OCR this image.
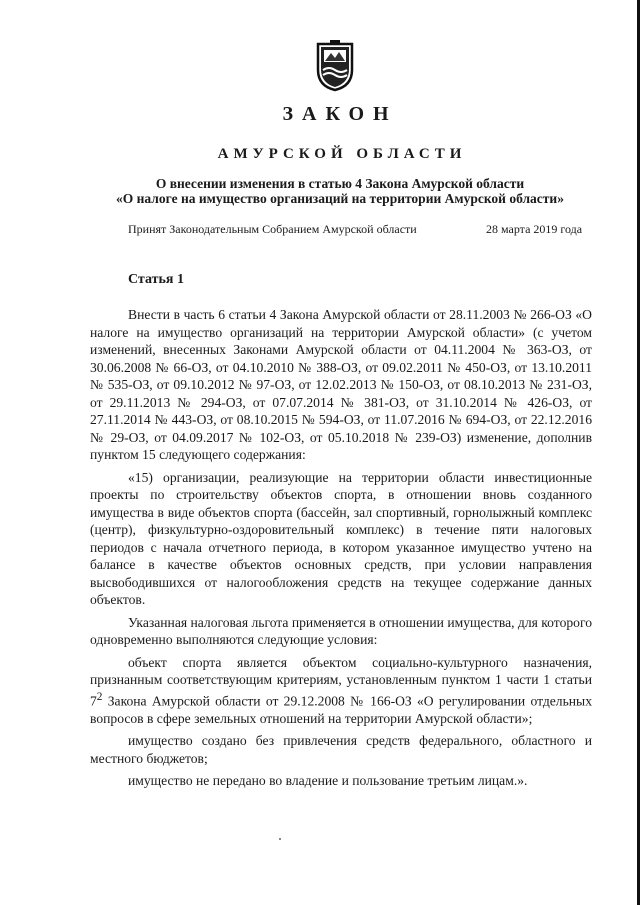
ЗАКОН
АМУРСКОЙ ОБЛАСТИ
О внесении изменения в статью 4 Закона Амурской области
«О налоге на имущество организаций на территории Амурской области»
Принят Законодательным Собранием Амурской области	28 марта 2019 года
Статья 1

Внести в часть 6 статьи 4 Закона Амурской области от 28.11.2003 № 266-ОЗ «О налоге на имущество организаций на территории Амурской области» (с учетом изменений, внесенных Законами Амурской области от 04.11.2004 № 363-ОЗ, от 30.06.2008 № 66-ОЗ, от 04.10.2010 № 388-ОЗ, от 09.02.2011 № 450-ОЗ, от 13.10.2011 № 535-ОЗ, от 09.10.2012 № 97-ОЗ, от 12.02.2013 № 150-ОЗ, от 08.10.2013 № 231-ОЗ, от 29.11.2013 № 294-ОЗ, от 07.07.2014 № 381-ОЗ, от 31.10.2014 № 426-ОЗ, от 27.11.2014 № 443-ОЗ, от 08.10.2015 № 594-ОЗ, от 11.07.2016 № 694-ОЗ, от 22.12.2016 № 29-ОЗ, от 04.09.2017 № 102-ОЗ, от 05.10.2018 № 239-ОЗ) изменение, дополнив пунктом 15 следующего содержания:

«15) организации, реализующие на территории области инвестиционные проекты по строительству объектов спорта, в отношении вновь созданного имущества в виде объектов спорта (бассейн, зал спортивный, горнолыжный комплекс (центр), физкультурно-оздоровительный комплекс) в течение пяти налоговых периодов с начала отчетного периода, в котором указанное имущество учтено на балансе в качестве объектов основных средств, при условии направления высвободившихся от налогообложения средств на текущее содержание данных объектов.

Указанная налоговая льгота применяется в отношении имущества, для которого одновременно выполняются следующие условия:

объект спорта является объектом социально-культурного назначения, признанным соответствующим критериям, установленным пунктом 1 части 1 статьи $7^2$ Закона Амурской области от 29.12.2008 № 166-ОЗ «О регулировании отдельных вопросов в сфере земельных отношений на территории Амурской области»;

имущество создано без привлечения средств федерального, областного и местного бюджетов;

имущество не передано во владение и пользование третьим лицам.».
